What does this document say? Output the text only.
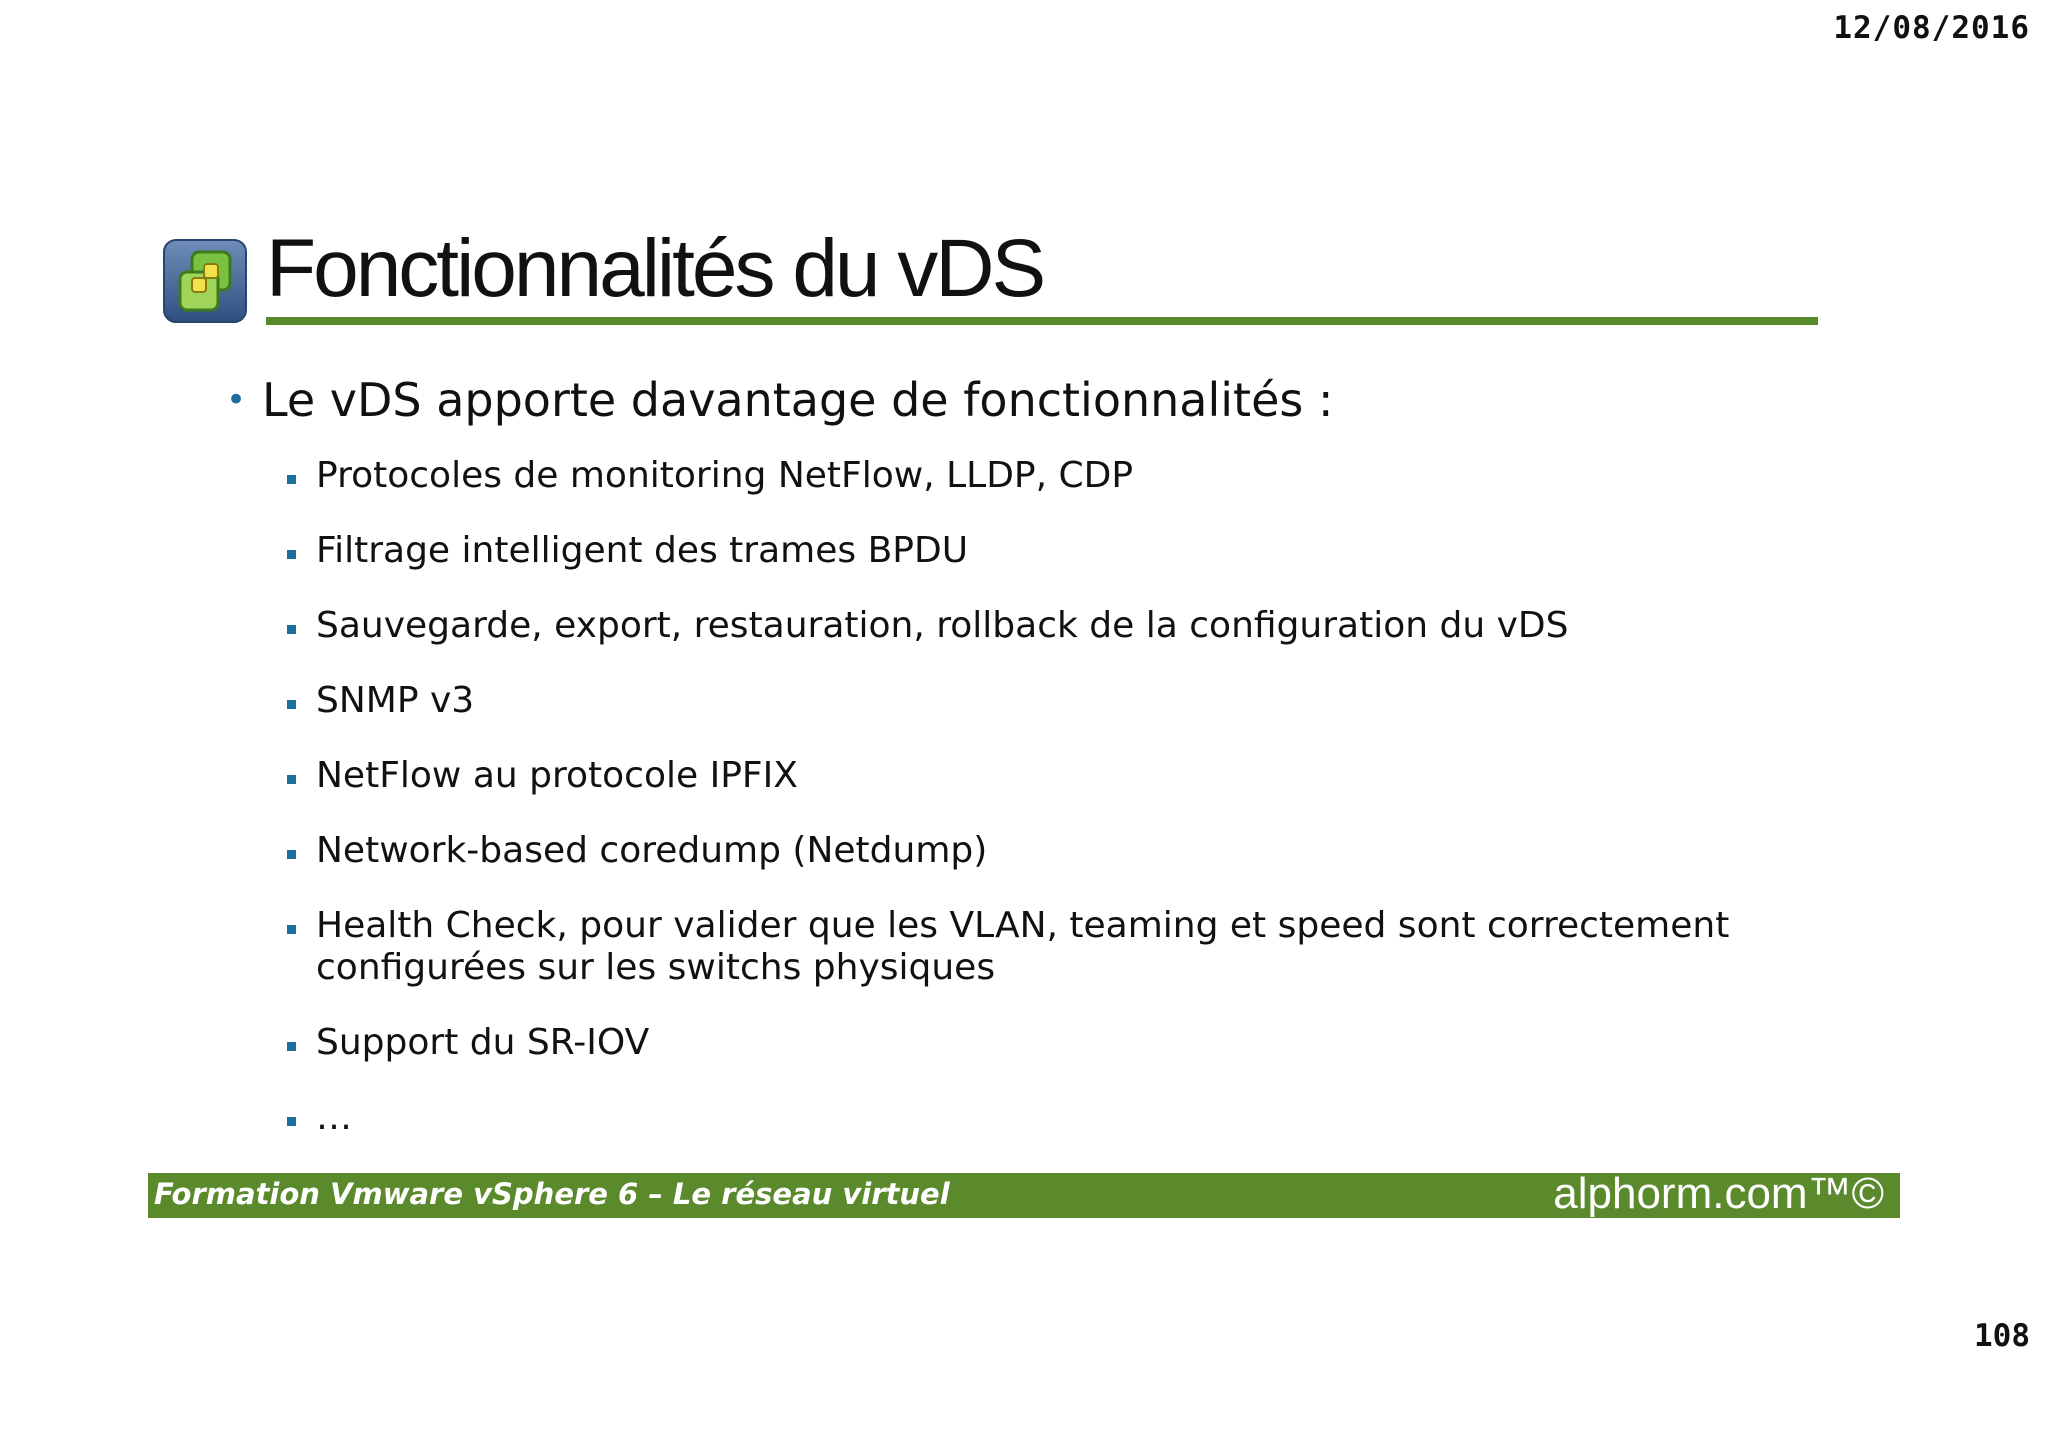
12/08/2016
Fonctionnalités du vDS
• Le vDS apporte davantage de fonctionnalités :
Protocoles de monitoring NetFlow, LLDP, CDP
Filtrage intelligent des trames BPDU
Sauvegarde, export, restauration, rollback de la configuration du vDS
SNMP v3
NetFlow au protocole IPFIX
Network-based coredump (Netdump)
Health Check, pour valider que les VLAN, teaming et speed sont correctement configurées sur les switchs physiques
Support du SR-IOV
…
Formation Vmware vSphere 6 – Le réseau virtuel	alphorm.com™©
108
